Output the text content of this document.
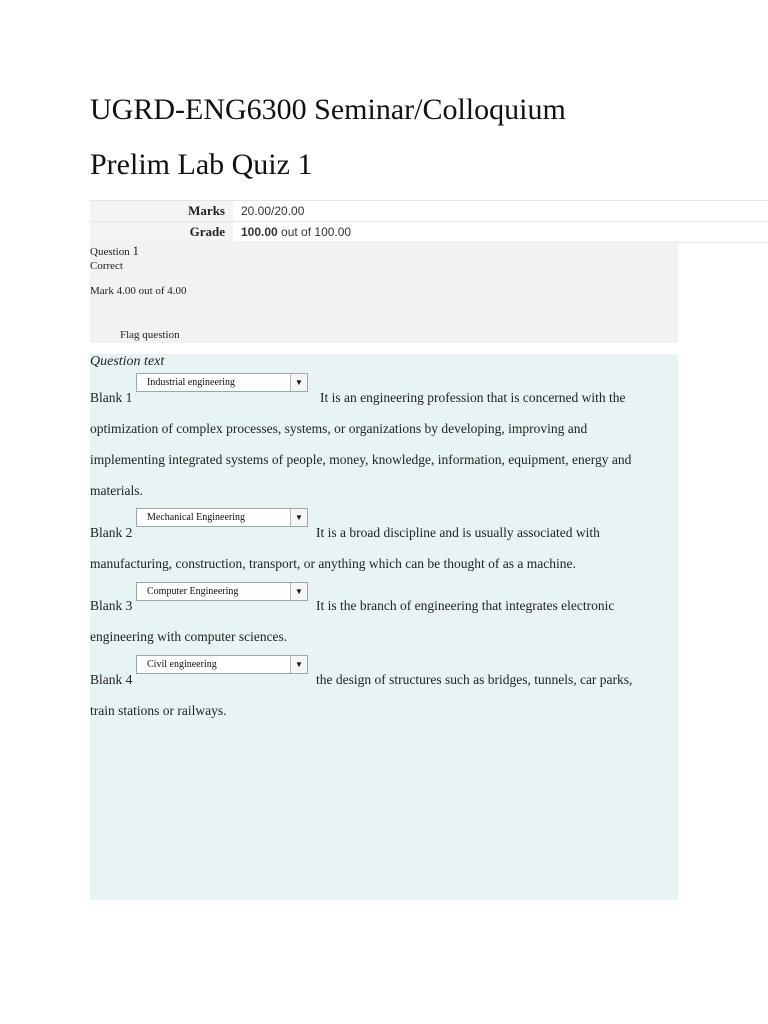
UGRD-ENG6300 Seminar/Colloquium
Prelim Lab Quiz 1
Marks	20.00/20.00
Grade	100.00 out of 100.00
Question 1
Correct
Mark 4.00 out of 4.00
Flag question
Question text
Industrial engineering	▼
Blank 1	It is an engineering profession that is concerned with the
optimization of complex processes, systems, or organizations by developing, improving and
implementing integrated systems of people, money, knowledge, information, equipment, energy and
materials.
Mechanical Engineering	▼
Blank 2	It is a broad discipline and is usually associated with
manufacturing, construction, transport, or anything which can be thought of as a machine.
Computer Engineering	▼
Blank 3	It is the branch of engineering that integrates electronic
engineering with computer sciences.
Civil engineering	▼
Blank 4	the design of structures such as bridges, tunnels, car parks,
train stations or railways.
